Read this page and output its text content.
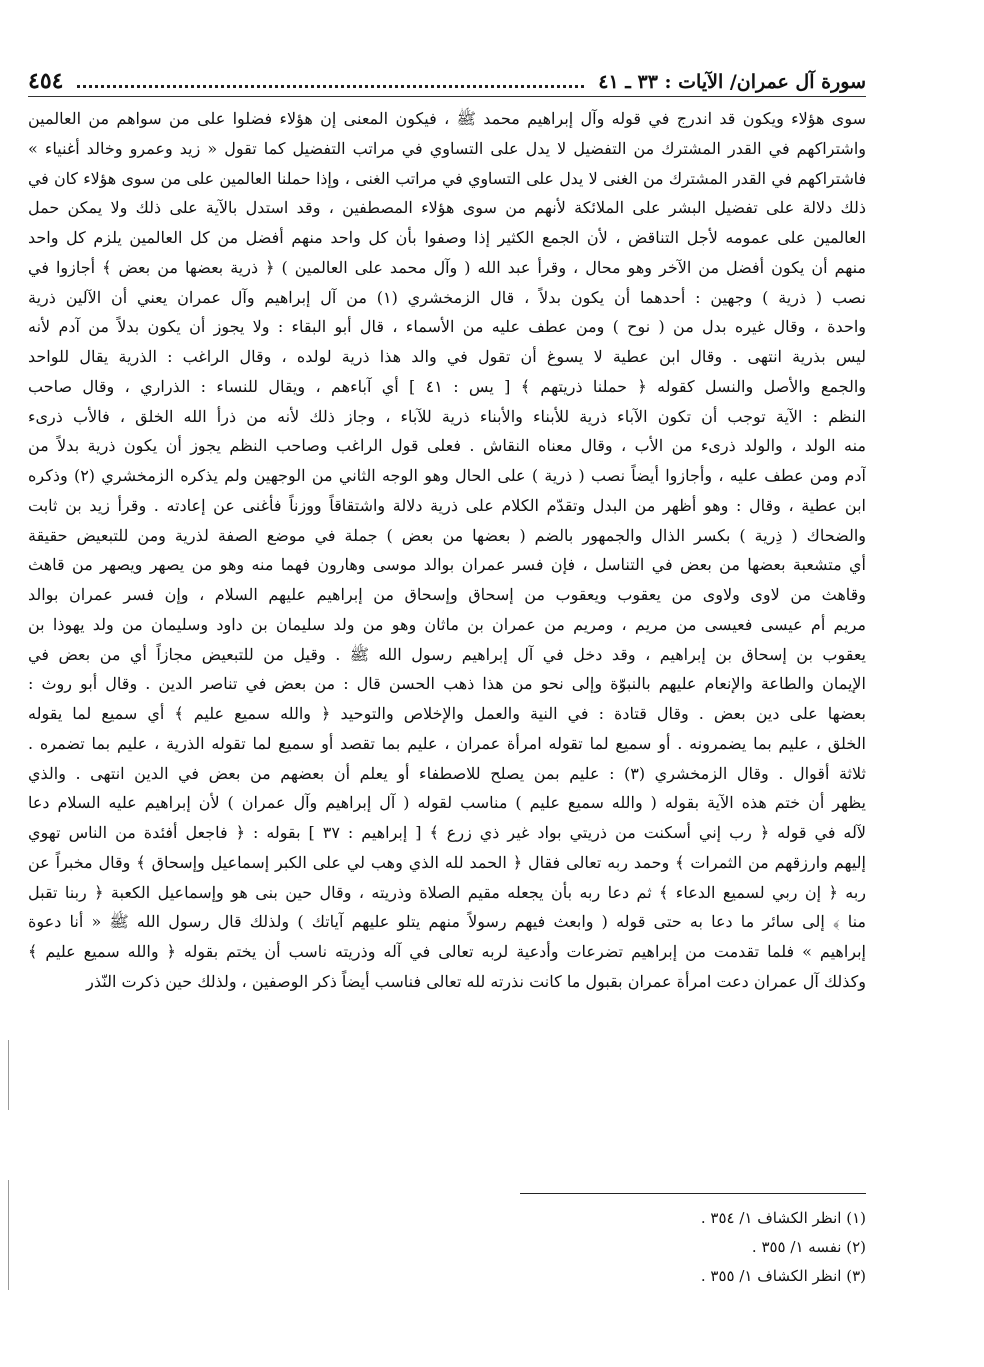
سورة آل عمران/ الآيات : ٣٣ ـ ٤١
٤٥٤
سوى هؤلاء ويكون قد اندرج في قوله وآل إبراهيم محمد ﷺ ، فيكون المعنى إن هؤلاء فضلوا على من سواهم من العالمين
واشتراكهم في القدر المشترك من التفضيل لا يدل على التساوي في مراتب التفضيل كما تقول « زيد وعمرو وخالد أغنياء »
فاشتراكهم في القدر المشترك من الغنى لا يدل على التساوي في مراتب الغنى ، وإذا حملنا العالمين على من سوى هؤلاء كان في
ذلك دلالة على تفضيل البشر على الملائكة لأنهم من سوى هؤلاء المصطفين ، وقد استدل بالآية على ذلك ولا يمكن حمل
العالمين على عمومه لأجل التناقض ، لأن الجمع الكثير إذا وصفوا بأن كل واحد منهم أفضل من كل العالمين يلزم كل واحد
منهم أن يكون أفضل من الآخر وهو محال ، وقرأ عبد الله ( وآل محمد على العالمين ) ﴿ ذرية بعضها من بعض ﴾ أجازوا في
نصب ( ذرية ) وجهين : أحدهما أن يكون بدلاً ، قال الزمخشري (١) من آل إبراهيم وآل عمران يعني أن الآلين ذرية
واحدة ، وقال غيره بدل من ( نوح ) ومن عطف عليه من الأسماء ، قال أبو البقاء : ولا يجوز أن يكون بدلاً من آدم لأنه
ليس بذرية انتهى . وقال ابن عطية لا يسوغ أن تقول في والد هذا ذرية لولده ، وقال الراغب : الذرية يقال للواحد
والجمع والأصل والنسل كقوله ﴿ حملنا ذريتهم ﴾ [ يس : ٤١ ] أي آباءهم ، ويقال للنساء : الذراري ، وقال صاحب
النظم : الآية توجب أن تكون الآباء ذرية للأبناء والأبناء ذرية للآباء ، وجاز ذلك لأنه من ذرأ الله الخلق ، فالأب ذرىء
منه الولد ، والولد ذرىء من الأب ، وقال معناه النقاش . فعلى قول الراغب وصاحب النظم يجوز أن يكون ذرية بدلاً من
آدم ومن عطف عليه ، وأجازوا أيضاً نصب ( ذرية ) على الحال وهو الوجه الثاني من الوجهين ولم يذكره الزمخشري (٢) وذكره
ابن عطية ، وقال : وهو أظهر من البدل وتقدّم الكلام على ذرية دلالة واشتقاقاً ووزناً فأغنى عن إعادته . وقرأ زيد بن ثابت
والضحاك ( ذِرية ) بكسر الذال والجمهور بالضم ( بعضها من بعض ) جملة في موضع الصفة لذرية ومن للتبعيض حقيقة
أي متشعبة بعضها من بعض في التناسل ، فإن فسر عمران بوالد موسى وهارون فهما منه وهو من يصهر ويصهر من قاهث
وقاهث من لاوى ولاوى من يعقوب ويعقوب من إسحاق وإسحاق من إبراهيم عليهم السلام ، وإن فسر عمران بوالد
مريم أم عيسى فعيسى من مريم ، ومريم من عمران بن ماثان وهو من ولد سليمان بن داود وسليمان من ولد يهوذا بن
يعقوب بن إسحاق بن إبراهيم ، وقد دخل في آل إبراهيم رسول الله ﷺ . وقيل من للتبعيض مجازاً أي من بعض في
الإيمان والطاعة والإنعام عليهم بالنبوّة وإلى نحو من هذا ذهب الحسن قال : من بعض في تناصر الدين . وقال أبو روث :
بعضها على دين بعض . وقال قتادة : في النية والعمل والإخلاص والتوحيد ﴿ والله سميع عليم ﴾ أي سميع لما يقوله
الخلق ، عليم بما يضمرونه . أو سميع لما تقوله امرأة عمران ، عليم بما تقصد أو سميع لما تقوله الذرية ، عليم بما تضمره .
ثلاثة أقوال . وقال الزمخشري (٣) : عليم بمن يصلح للاصطفاء أو يعلم أن بعضهم من بعض في الدين انتهى . والذي
يظهر أن ختم هذه الآية بقوله ( والله سميع عليم ) مناسب لقوله ( آل إبراهيم وآل عمران ) لأن إبراهيم عليه السلام دعا
لآله في قوله ﴿ رب إني أسكنت من ذريتي بواد غير ذي زرع ﴾ [ إبراهيم : ٣٧ ] بقوله : ﴿ فاجعل أفئدة من الناس تهوي
إليهم وارزقهم من الثمرات ﴾ وحمد ربه تعالى فقال ﴿ الحمد لله الذي وهب لي على الكبر إسماعيل وإسحاق ﴾ وقال مخبراً عن
ربه ﴿ إن ربي لسميع الدعاء ﴾ ثم دعا ربه بأن يجعله مقيم الصلاة وذريته ، وقال حين بنى هو وإسماعيل الكعبة ﴿ ربنا تقبل
منا ﴾ إلى سائر ما دعا به حتى قوله ( وابعث فيهم رسولاً منهم يتلو عليهم آياتك ) ولذلك قال رسول الله ﷺ « أنا دعوة
إبراهيم » فلما تقدمت من إبراهيم تضرعات وأدعية لربه تعالى في آله وذريته ناسب أن يختم بقوله ﴿ والله سميع عليم ﴾
وكذلك آل عمران دعت امرأة عمران بقبول ما كانت نذرته لله تعالى فناسب أيضاً ذكر الوصفين ، ولذلك حين ذكرت النّذر
(١) انظر الكشاف ١/ ٣٥٤ .
(٢) نفسه ١/ ٣٥٥ .
(٣) انظر الكشاف ١/ ٣٥٥ .
